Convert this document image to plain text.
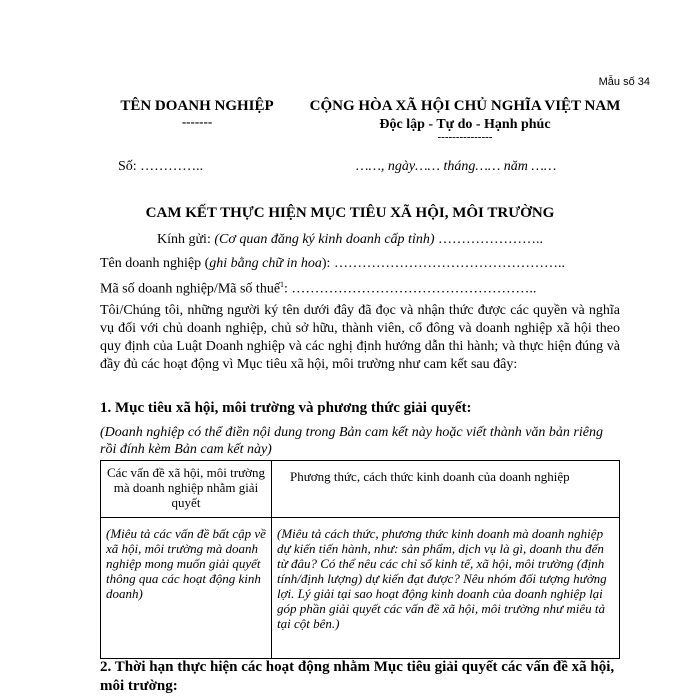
Mẫu số 34
TÊN DOANH NGHIỆP
-------
CỘNG HÒA XÃ HỘI CHỦ NGHĨA VIỆT NAM
Độc lập - Tự do - Hạnh phúc
---------------
Số: …………..	……, ngày…… tháng…… năm ……
CAM KẾT THỰC HIỆN MỤC TIÊU XÃ HỘI, MÔI TRƯỜNG
Kính gửi: (Cơ quan đăng ký kinh doanh cấp tỉnh) …………………..
Tên doanh nghiệp (ghi bằng chữ in hoa): …………………………………………..
Mã số doanh nghiệp/Mã số thuế$^1$: ……………………………………………..
Tôi/Chúng tôi, những người ký tên dưới đây đã đọc và nhận thức được các quyền và nghĩa vụ đối với chủ doanh nghiệp, chủ sở hữu, thành viên, cổ đông và doanh nghiệp xã hội theo quy định của Luật Doanh nghiệp và các nghị định hướng dẫn thi hành; và thực hiện đúng và đầy đủ các hoạt động vì Mục tiêu xã hội, môi trường như cam kết sau đây:
1. Mục tiêu xã hội, môi trường và phương thức giải quyết:
(Doanh nghiệp có thể điền nội dung trong Bản cam kết này hoặc viết thành văn bản riêng rồi đính kèm Bản cam kết này)
Các vấn đề xã hội, môi trường mà doanh nghiệp nhằm giải quyết	Phương thức, cách thức kinh doanh của doanh nghiệp
(Miêu tả các vấn đề bất cập về xã hội, môi trường mà doanh nghiệp mong muốn giải quyết thông qua các hoạt động kinh doanh)	(Miêu tả cách thức, phương thức kinh doanh mà doanh nghiệp dự kiến tiến hành, như: sản phẩm, dịch vụ là gì, doanh thu đến từ đâu? Có thể nêu các chỉ số kinh tế, xã hội, môi trường (định tính/định lượng) dự kiến đạt được? Nêu nhóm đối tượng hưởng lợi. Lý giải tại sao hoạt động kinh doanh của doanh nghiệp lại góp phần giải quyết các vấn đề xã hội, môi trường như miêu tả tại cột bên.)
2. Thời hạn thực hiện các hoạt động nhằm Mục tiêu giải quyết các vấn đề xã hội, môi trường:
